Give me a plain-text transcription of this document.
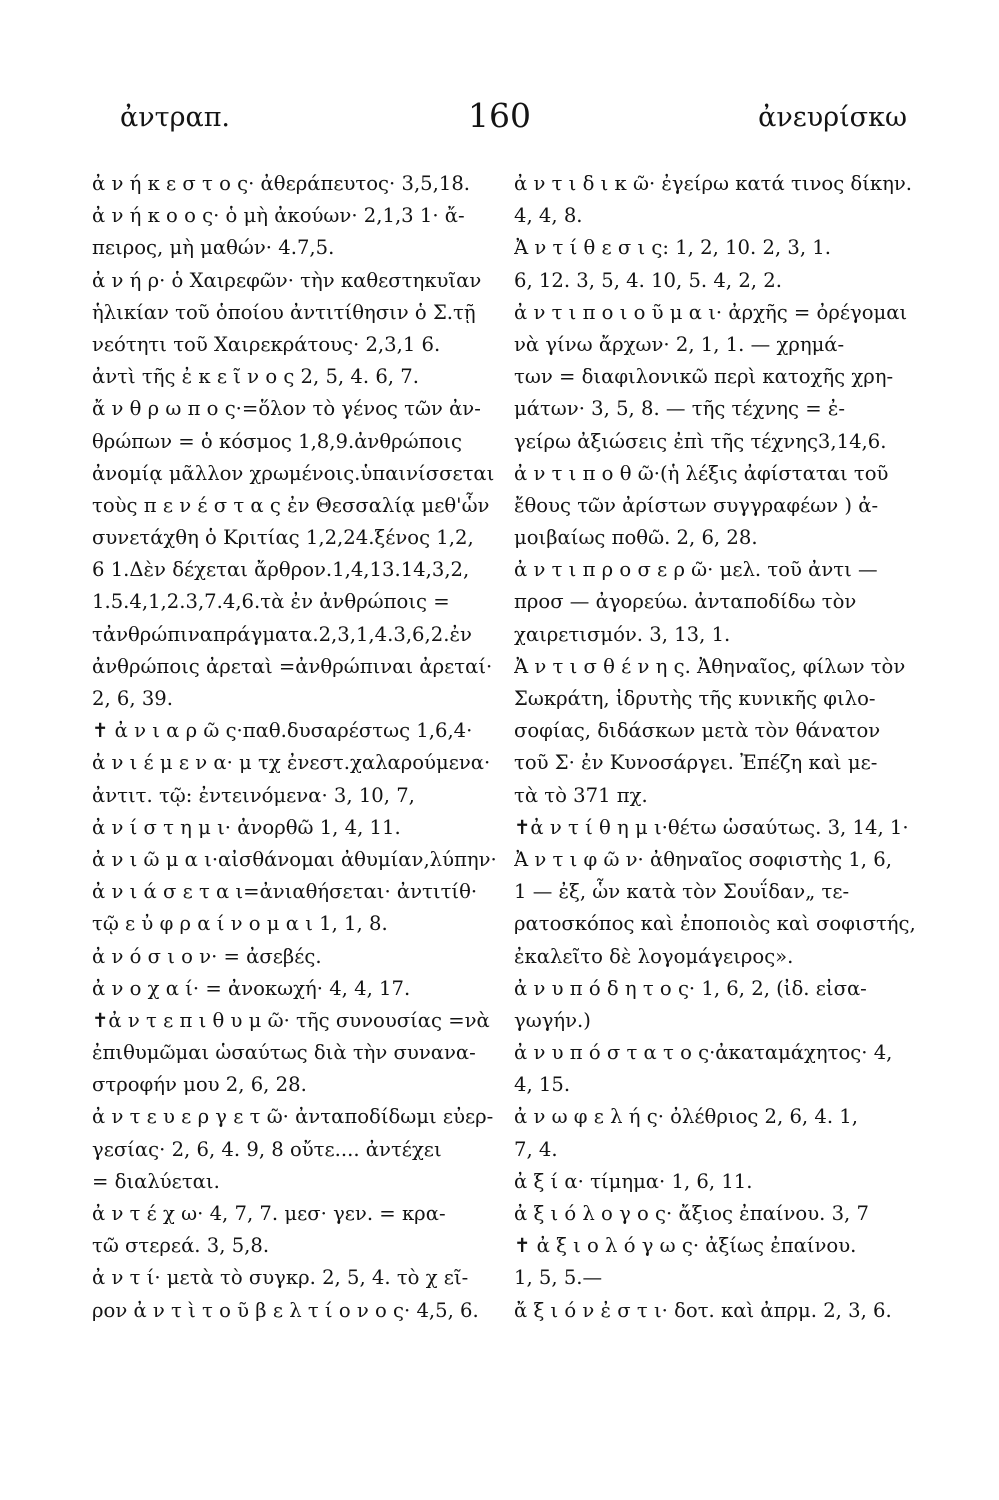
ἀντραπ.	160	ἀνευρίσκω
ἀ ν ή κ ε σ τ ο ς· ἀθεράπευτος· 3,5,18.
ἀ ν ή κ ο ο ς· ὁ μὴ ἀκούων· 2,1,3 1· ἄ-
πειρος, μὴ μαθών· 4.7,5.
ἀ ν ή ρ· ὁ Χαιρεφῶν· τὴν καθεστηκυῖαν
ἡλικίαν τοῦ ὁποίου ἀντιτίθησιν ὁ Σ.τῇ
νεότητι τοῦ Χαιρεκράτους· 2,3,1 6.
ἀντὶ τῆς ἐ κ ε ῖ ν ο ς 2, 5, 4. 6, 7.
ἄ ν θ ρ ω π ο ς·=ὅλον τὸ γένος τῶν ἀν-
θρώπων = ὁ κόσμος 1,8,9.ἀνθρώποις
ἀνομίᾳ μᾶλλον χρωμένοις.ὑπαινίσσεται
τοὺς π ε ν έ σ τ α ς ἐν Θεσσαλίᾳ μεθ'ὧν
συνετάχθη ὁ Κριτίας 1,2,24.ξένος 1,2,
6 1.Δὲν δέχεται ἄρθρον.1,4,13.14,3,2,
1.5.4,1,2.3,7.4,6.τὰ ἐν ἀνθρώποις =
τἀνθρώπιναπράγματα.2,3,1,4.3,6,2.ἐν
ἀνθρώποις ἀρεταὶ =ἀνθρώπιναι ἀρεταί·
2, 6, 39.
✝ ἀ ν ι α ρ ῶ ς·παθ.δυσαρέστως 1,6,4·
ἀ ν ι έ μ ε ν α· μ τχ ἐνεστ.χαλαρούμενα·
ἀντιτ. τῷ: ἐντεινόμενα· 3, 10, 7,
ἀ ν ί σ τ η μ ι· ἀνορθῶ 1, 4, 11.
ἀ ν ι ῶ μ α ι·αἰσθάνομαι ἀθυμίαν,λύπην·
ἀ ν ι ά σ ε τ α ι=ἀνιαθήσεται· ἀντιτίθ·
τῷ ε ὐ φ ρ α ί ν ο μ α ι 1, 1, 8.
ἀ ν ό σ ι ο ν· = ἀσεβές.
ἀ ν ο χ α ί· = ἀνοκωχή· 4, 4, 17.
✝ἀ ν τ ε π ι θ υ μ ῶ· τῆς συνουσίας =νὰ
ἐπιθυμῶμαι ὡσαύτως διὰ τὴν συνανα-
στροφήν μου 2, 6, 28.
ἀ ν τ ε υ ε ρ γ ε τ ῶ· ἀνταποδίδωμι εὐερ-
γεσίας· 2, 6, 4. 9, 8 οὔτε.... ἀντέχει
= διαλύεται.
ἀ ν τ έ χ ω· 4, 7, 7. μεσ· γεν. = κρα-
τῶ στερεά. 3, 5,8.
ἀ ν τ ί· μετὰ τὸ συγκρ. 2, 5, 4. τὸ χ εῖ-
ρον ἀ ν τ ὶ τ ο ῦ β ε λ τ ί ο ν ο ς· 4,5, 6.
ἀ ν τ ι δ ι κ ῶ· ἐγείρω κατά τινος δίκην.
4, 4, 8.
Ἀ ν τ ί θ ε σ ι ς: 1, 2, 10. 2, 3, 1.
6, 12. 3, 5, 4. 10, 5. 4, 2, 2.
ἀ ν τ ι π ο ι ο ῦ μ α ι· ἀρχῆς = ὀρέγομαι
νὰ γίνω ἄρχων· 2, 1, 1. — χρημά-
των = διαφιλονικῶ περὶ κατοχῆς χρη-
μάτων· 3, 5, 8. — τῆς τέχνης = ἐ-
γείρω ἀξιώσεις ἐπὶ τῆς τέχνης3,14,6.
ἀ ν τ ι π ο θ ῶ·(ἡ λέξις ἀφίσταται τοῦ
ἔθους τῶν ἀρίστων συγγραφέων ) ἀ-
μοιβαίως ποθῶ. 2, 6, 28.
ἀ ν τ ι π ρ ο σ ε ρ ῶ· μελ. τοῦ ἀντι —
προσ — ἀγορεύω. ἀνταποδίδω τὸν
χαιρετισμόν. 3, 13, 1.
Ἀ ν τ ι σ θ έ ν η ς. Ἀθηναῖος, φίλων τὸν
Σωκράτη, ἱδρυτὴς τῆς κυνικῆς φιλο-
σοφίας, διδάσκων μετὰ τὸν θάνατον
τοῦ Σ· ἐν Κυνοσάργει. Ἐπέζη καὶ με-
τὰ τὸ 371 πχ.
✝ἀ ν τ ί θ η μ ι·θέτω ὡσαύτως. 3, 14, 1·
Ἀ ν τ ι φ ῶ ν· ἀθηναῖος σοφιστὴς 1, 6,
1 — ἐξ, ὧν κατὰ τὸν Σουΐδαν„ τε-
ρατοσκόπος καὶ ἐποποιὸς καὶ σοφιστής,
ἐκαλεῖτο δὲ λογομάγειρος».
ἀ ν υ π ό δ η τ ο ς· 1, 6, 2, (ἰδ. εἰσα-
γωγήν.)
ἀ ν υ π ό σ τ α τ ο ς·ἀκαταμάχητος· 4,
4, 15.
ἀ ν ω φ ε λ ή ς· ὀλέθριος 2, 6, 4. 1,
7, 4.
ἀ ξ ί α· τίμημα· 1, 6, 11.
ἀ ξ ι ό λ ο γ ο ς· ἄξιος ἐπαίνου. 3, 7
✝ ἀ ξ ι ο λ ό γ ω ς· ἀξίως ἐπαίνου.
1, 5, 5.—
ἄ ξ ι ό ν ἐ σ τ ι· δοτ. καὶ ἀπρμ. 2, 3, 6.
